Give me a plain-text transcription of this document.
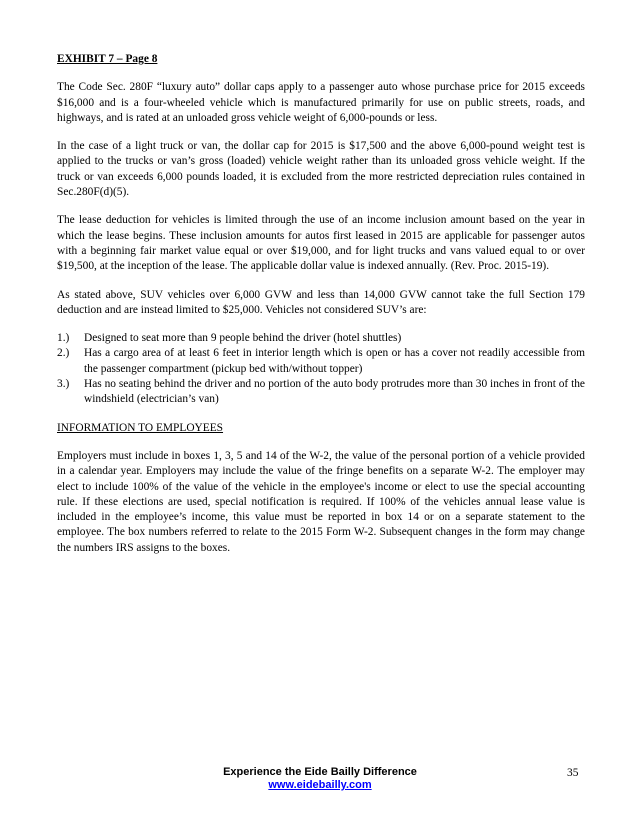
EXHIBIT 7 – Page 8

The Code Sec. 280F “luxury auto” dollar caps apply to a passenger auto whose purchase price for 2015 exceeds $16,000 and is a four-wheeled vehicle which is manufactured primarily for use on public streets, roads, and highways, and is rated at an unloaded gross vehicle weight of 6,000-pounds or less.

In the case of a light truck or van, the dollar cap for 2015 is $17,500 and the above 6,000-pound weight test is applied to the trucks or van’s gross (loaded) vehicle weight rather than its unloaded gross vehicle weight. If the truck or van exceeds 6,000 pounds loaded, it is excluded from the more restricted depreciation rules contained in Sec.280F(d)(5).

The lease deduction for vehicles is limited through the use of an income inclusion amount based on the year in which the lease begins. These inclusion amounts for autos first leased in 2015 are applicable for passenger autos with a beginning fair market value equal or over $19,000, and for light trucks and vans valued equal to or over $19,500, at the inception of the lease. The applicable dollar value is indexed annually. (Rev. Proc. 2015-19).

As stated above, SUV vehicles over 6,000 GVW and less than 14,000 GVW cannot take the full Section 179 deduction and are instead limited to $25,000. Vehicles not considered SUV’s are:

1.)	Designed to seat more than 9 people behind the driver (hotel shuttles)
2.)	Has a cargo area of at least 6 feet in interior length which is open or has a cover not readily accessible from the passenger compartment (pickup bed with/without topper)
3.)	Has no seating behind the driver and no portion of the auto body protrudes more than 30 inches in front of the windshield (electrician’s van)
INFORMATION TO EMPLOYEES

Employers must include in boxes 1, 3, 5 and 14 of the W-2, the value of the personal portion of a vehicle provided in a calendar year. Employers may include the value of the fringe benefits on a separate W-2. The employer may elect to include 100% of the value of the vehicle in the employee's income or elect to use the special accounting rule. If these elections are used, special notification is required. If 100% of the vehicles annual lease value is included in the employee’s income, this value must be reported in box 14 or on a separate statement to the employee. The box numbers referred to relate to the 2015 Form W-2. Subsequent changes in the form may change the numbers IRS assigns to the boxes.

Experience the Eide Bailly Difference
www.eidebailly.com
35
